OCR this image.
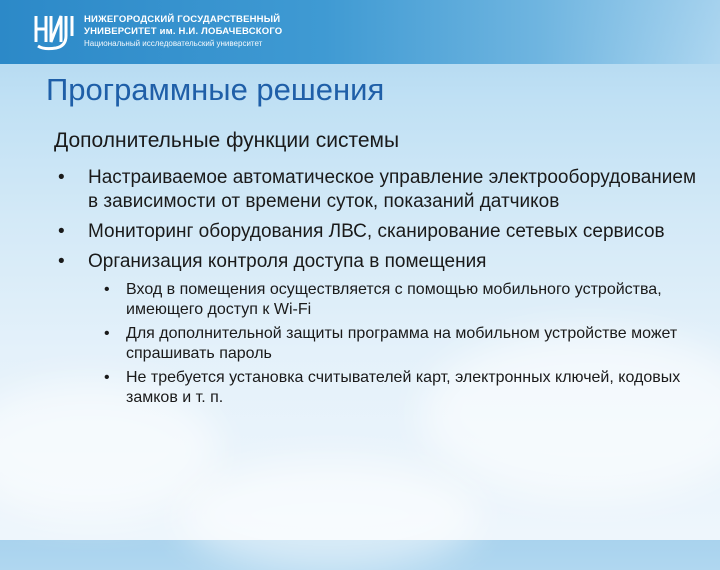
НИЖЕГОРОДСКИЙ ГОСУДАРСТВЕННЫЙ
УНИВЕРСИТЕТ им. Н.И. ЛОБАЧЕВСКОГО
Национальный исследовательский университет
Программные решения
Дополнительные функции системы
• Настраиваемое автоматическое управление электрооборудованием в зависимости от времени суток, показаний датчиков
• Мониторинг оборудования ЛВС, сканирование сетевых сервисов
• Организация контроля доступа в помещения
• Вход в помещения осуществляется с помощью мобильного устройства, имеющего доступ к Wi-Fi
• Для дополнительной защиты программа на мобильном устройстве может спрашивать пароль
• Не требуется установка считывателей карт, электронных ключей, кодовых замков и т. п.
